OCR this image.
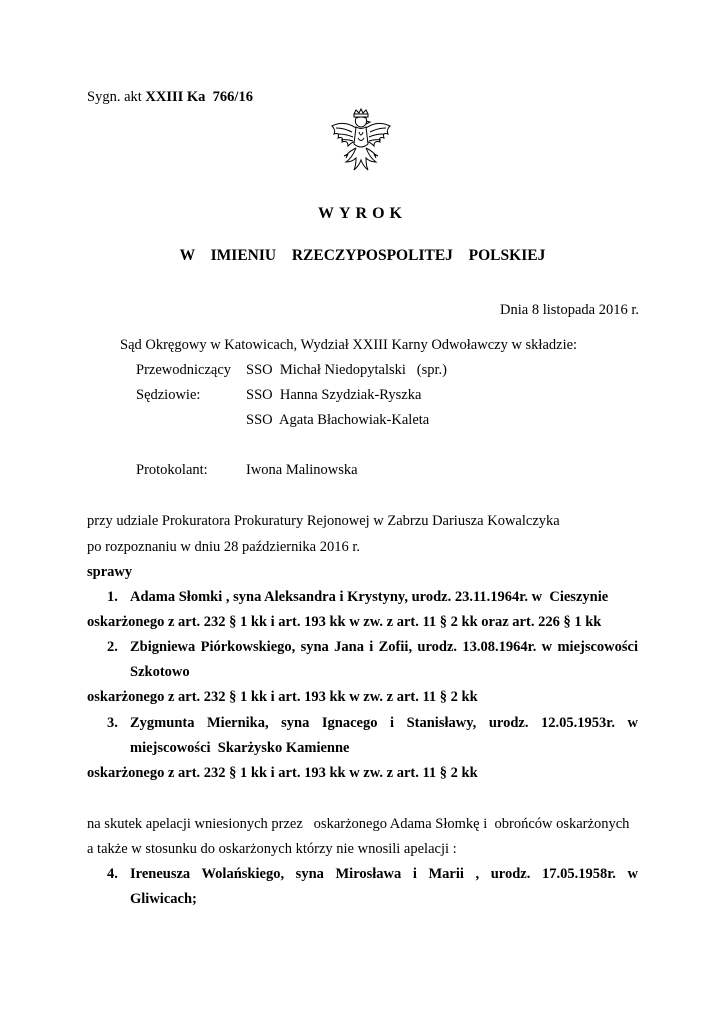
Sygn. akt XXIII Ka  766/16
WYROK
W  IMIENIU  RZECZYPOSPOLITEJ  POLSKIEJ
Dnia 8 listopada 2016 r.
Sąd Okręgowy w Katowicach, Wydział XXIII Karny Odwoławczy w składzie:
Przewodniczący SSO  Michał Niedopytalski   (spr.)
Sędziowie:	SSO  Hanna Szydziak-Ryszka
SSO  Agata Błachowiak-Kaleta
Protokolant:	Iwona Malinowska
przy udziale Prokuratora Prokuratury Rejonowej w Zabrzu Dariusza Kowalczyka
po rozpoznaniu w dniu 28 października 2016 r.
sprawy
1. Adama Słomki , syna Aleksandra i Krystyny, urodz. 23.11.1964r. w  Cieszynie
oskarżonego z art. 232 § 1 kk i art. 193 kk w zw. z art. 11 § 2 kk oraz art. 226 § 1 kk
2. Zbigniewa Piórkowskiego, syna Jana i Zofii, urodz. 13.08.1964r. w miejscowości
Szkotowo
oskarżonego z art. 232 § 1 kk i art. 193 kk w zw. z art. 11 § 2 kk
3. Zygmunta Miernika, syna Ignacego i Stanisławy, urodz. 12.05.1953r. w
miejscowości  Skarżysko Kamienne
oskarżonego z art. 232 § 1 kk i art. 193 kk w zw. z art. 11 § 2 kk
na skutek apelacji wniesionych przez   oskarżonego Adama Słomkę i  obrońców oskarżonych
a także w stosunku do oskarżonych którzy nie wnosili apelacji :
4. Ireneusza Wolańskiego, syna Mirosława i Marii , urodz. 17.05.1958r. w
Gliwicach;
